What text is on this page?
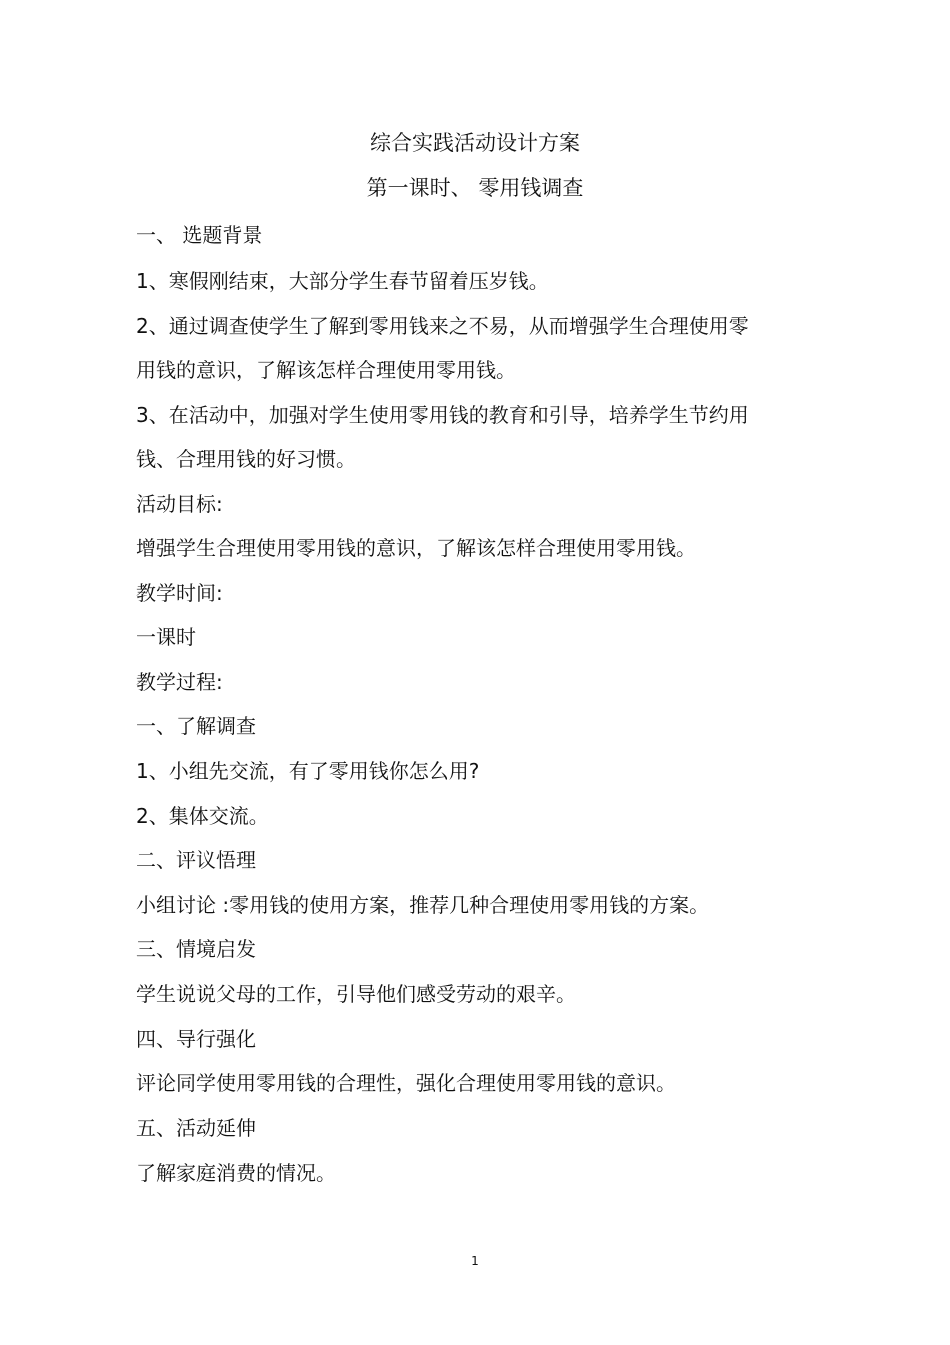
综合实践活动设计方案
第一课时、 零用钱调查
一、 选题背景
1、寒假刚结束，大部分学生春节留着压岁钱。
2、通过调查使学生了解到零用钱来之不易，从而增强学生合理使用零
用钱的意识，了解该怎样合理使用零用钱。
3、在活动中，加强对学生使用零用钱的教育和引导，培养学生节约用
钱、合理用钱的好习惯。
活动目标:
增强学生合理使用零用钱的意识，了解该怎样合理使用零用钱。
教学时间:
一课时
教学过程:
一、了解调查
1、小组先交流，有了零用钱你怎么用?
2、集体交流。
二、评议悟理
小组讨论 :零用钱的使用方案，推荐几种合理使用零用钱的方案。
三、情境启发
学生说说父母的工作，引导他们感受劳动的艰辛。
四、导行强化
评论同学使用零用钱的合理性，强化合理使用零用钱的意识。
五、活动延伸
了解家庭消费的情况。
1
